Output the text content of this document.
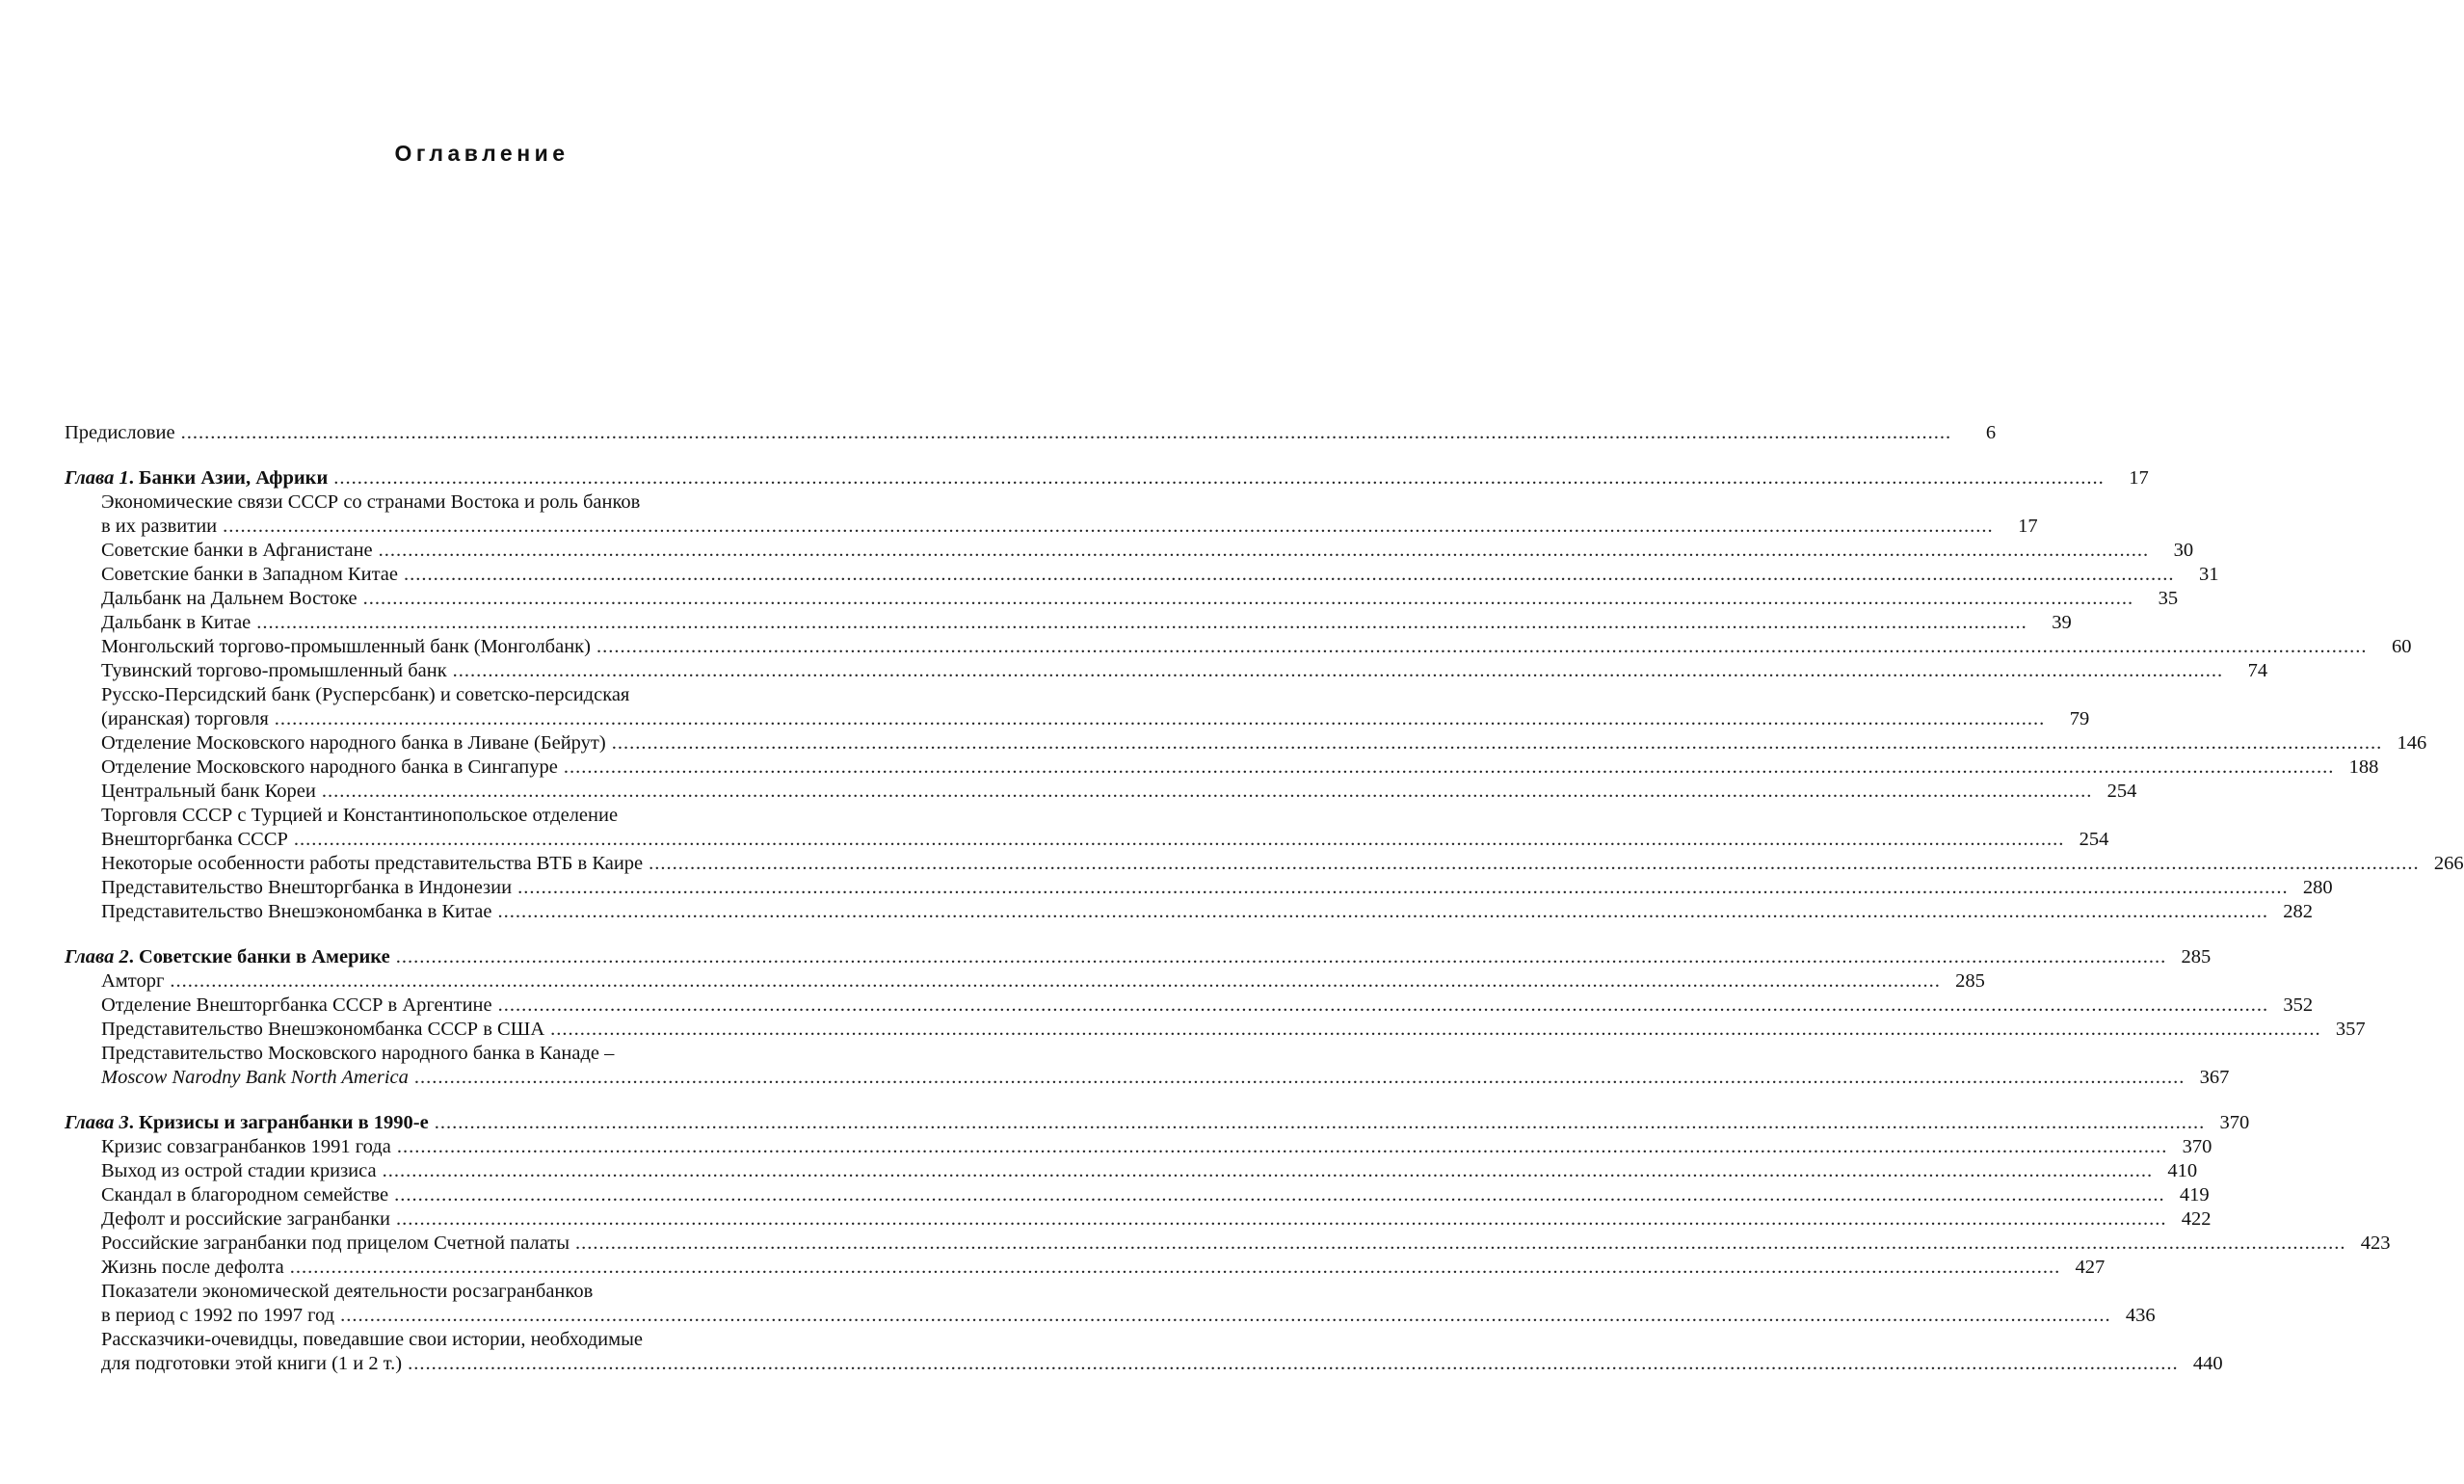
Оглавление
Предисловие ............................................................................................................................................................................................................................................................................................................	6
Глава 1. Банки Азии, Африки ............................................................................................................................................................................................................................................................................................................	17
Экономические связи СССР со странами Востока и роль банков
в их развитии ............................................................................................................................................................................................................................................................................................................	17
Советские банки в Афганистане ............................................................................................................................................................................................................................................................................................................	30
Советские банки в Западном Китае ............................................................................................................................................................................................................................................................................................................	31
Дальбанк на Дальнем Востоке ............................................................................................................................................................................................................................................................................................................	35
Дальбанк в Китае ............................................................................................................................................................................................................................................................................................................	39
Монгольский торгово-промышленный банк (Монголбанк) ............................................................................................................................................................................................................................................................................................................	60
Тувинский торгово-промышленный банк ............................................................................................................................................................................................................................................................................................................	74
Русско-Персидский банк (Русперсбанк) и советско-персидская
(иранская) торговля ............................................................................................................................................................................................................................................................................................................	79
Отделение Московского народного банка в Ливане (Бейрут) ............................................................................................................................................................................................................................................................................................................ 146
Отделение Московского народного банка в Сингапуре ............................................................................................................................................................................................................................................................................................................ 188
Центральный банк Кореи ............................................................................................................................................................................................................................................................................................................ 254
Торговля СССР с Турцией и Константинопольское отделение
Внешторгбанка СССР ............................................................................................................................................................................................................................................................................................................ 254
Некоторые особенности работы представительства ВТБ в Каире ............................................................................................................................................................................................................................................................................................................ 266
Представительство Внешторгбанка в Индонезии ............................................................................................................................................................................................................................................................................................................ 280
Представительство Внешэкономбанка в Китае ............................................................................................................................................................................................................................................................................................................ 282
Глава 2. Советские банки в Америке ............................................................................................................................................................................................................................................................................................................ 285
Амторг ............................................................................................................................................................................................................................................................................................................ 285
Отделение Внешторгбанка СССР в Аргентине ............................................................................................................................................................................................................................................................................................................ 352
Представительство Внешэкономбанка СССР в США ............................................................................................................................................................................................................................................................................................................ 357
Представительство Московского народного банка в Канаде –
Moscow Narodny Bank North America ............................................................................................................................................................................................................................................................................................................ 367
Глава 3. Кризисы и загранбанки в 1990-е ............................................................................................................................................................................................................................................................................................................ 370
Кризис совзагранбанков 1991 года ............................................................................................................................................................................................................................................................................................................ 370
Выход из острой стадии кризиса ............................................................................................................................................................................................................................................................................................................ 410
Скандал в благородном семействе ............................................................................................................................................................................................................................................................................................................ 419
Дефолт и российские загранбанки ............................................................................................................................................................................................................................................................................................................ 422
Российские загранбанки под прицелом Счетной палаты ............................................................................................................................................................................................................................................................................................................ 423
Жизнь после дефолта ............................................................................................................................................................................................................................................................................................................ 427
Показатели экономической деятельности росзагранбанков
в период с 1992 по 1997 год ............................................................................................................................................................................................................................................................................................................ 436
Рассказчики-очевидцы, поведавшие свои истории, необходимые
для подготовки этой книги (1 и 2 т.) ............................................................................................................................................................................................................................................................................................................ 440
